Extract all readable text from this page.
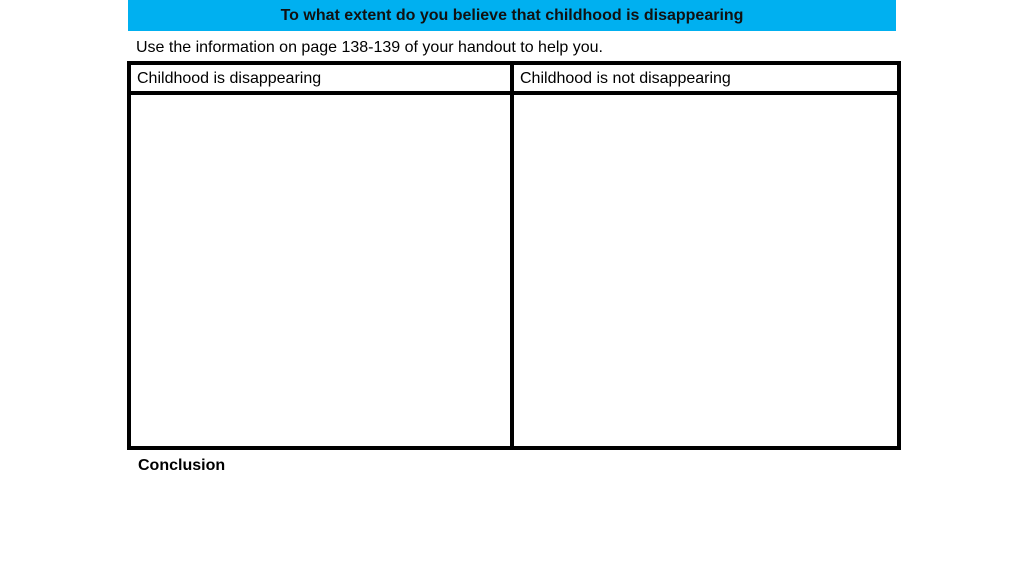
To what extent do you believe that childhood is disappearing
Use the information on page 138-139 of your handout to help you.
Childhood is disappearing	Childhood is not disappearing
Conclusion
